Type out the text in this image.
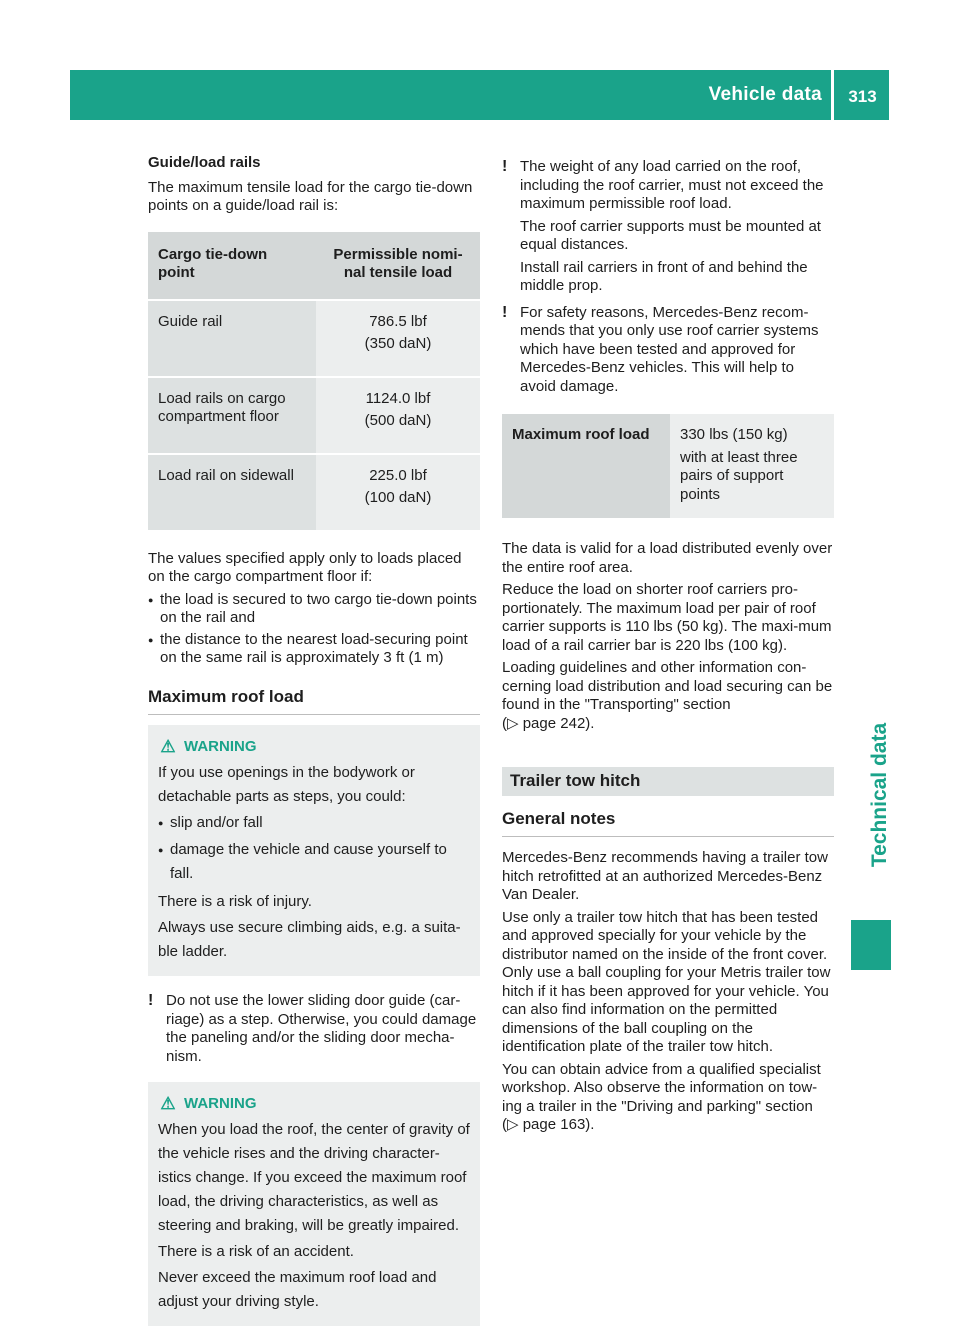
Vehicle data	313
Technical data

Guide/load rails

The maximum tensile load for the cargo tie-down points on a guide/load rail is:

Cargo tie-down point	Permissible nomi-nal tensile load
Guide rail	786.5 lbf
(350 daN)

Load rails on cargo compartment floor	1124.0 lbf
(500 daN)

Load rail on sidewall	225.0 lbf
(100 daN)

The values specified apply only to loads placed on the cargo compartment floor if:

● the load is secured to two cargo tie-down points on the rail and
● the distance to the nearest load-securing point on the same rail is approximately 3 ft (1 m)
Maximum roof load

⚠ WARNING

If you use openings in the bodywork or detachable parts as steps, you could:

● slip and/or fall
● damage the vehicle and cause yourself to fall.

There is a risk of injury.

Always use secure climbing aids, e.g. a suita-ble ladder.

! Do not use the lower sliding door guide (car-riage) as a step. Otherwise, you could damage the paneling and/or the sliding door mecha-nism.

⚠ WARNING

When you load the roof, the center of gravity of the vehicle rises and the driving character-istics change. If you exceed the maximum roof load, the driving characteristics, as well as steering and braking, will be greatly impaired.

There is a risk of an accident.

Never exceed the maximum roof load and adjust your driving style.

! The weight of any load carried on the roof, including the roof carrier, must not exceed the maximum permissible roof load.

The roof carrier supports must be mounted at equal distances.

Install rail carriers in front of and behind the middle prop.

! For safety reasons, Mercedes-Benz recom-mends that you only use roof carrier systems which have been tested and approved for Mercedes-Benz vehicles. This will help to avoid damage.
Maximum roof load	330 lbs (150 kg)
with at least three pairs of support points

The data is valid for a load distributed evenly over the entire roof area.

Reduce the load on shorter roof carriers pro-portionately. The maximum load per pair of roof carrier supports is 110 lbs (50 kg). The maxi-mum load of a rail carrier bar is 220 lbs (100 kg).

Loading guidelines and other information con-cerning load distribution and load securing can be found in the "Transporting" section
(▷ page 242).

Trailer tow hitch
General notes

Mercedes-Benz recommends having a trailer tow hitch retrofitted at an authorized Mercedes-Benz Van Dealer.

Use only a trailer tow hitch that has been tested and approved specially for your vehicle by the distributor named on the inside of the front cover. Only use a ball coupling for your Metris trailer tow hitch if it has been approved for your vehicle. You can also find information on the permitted dimensions of the ball coupling on the identification plate of the trailer tow hitch.

You can obtain advice from a qualified specialist workshop. Also observe the information on tow-ing a trailer in the "Driving and parking" section
(▷ page 163).
